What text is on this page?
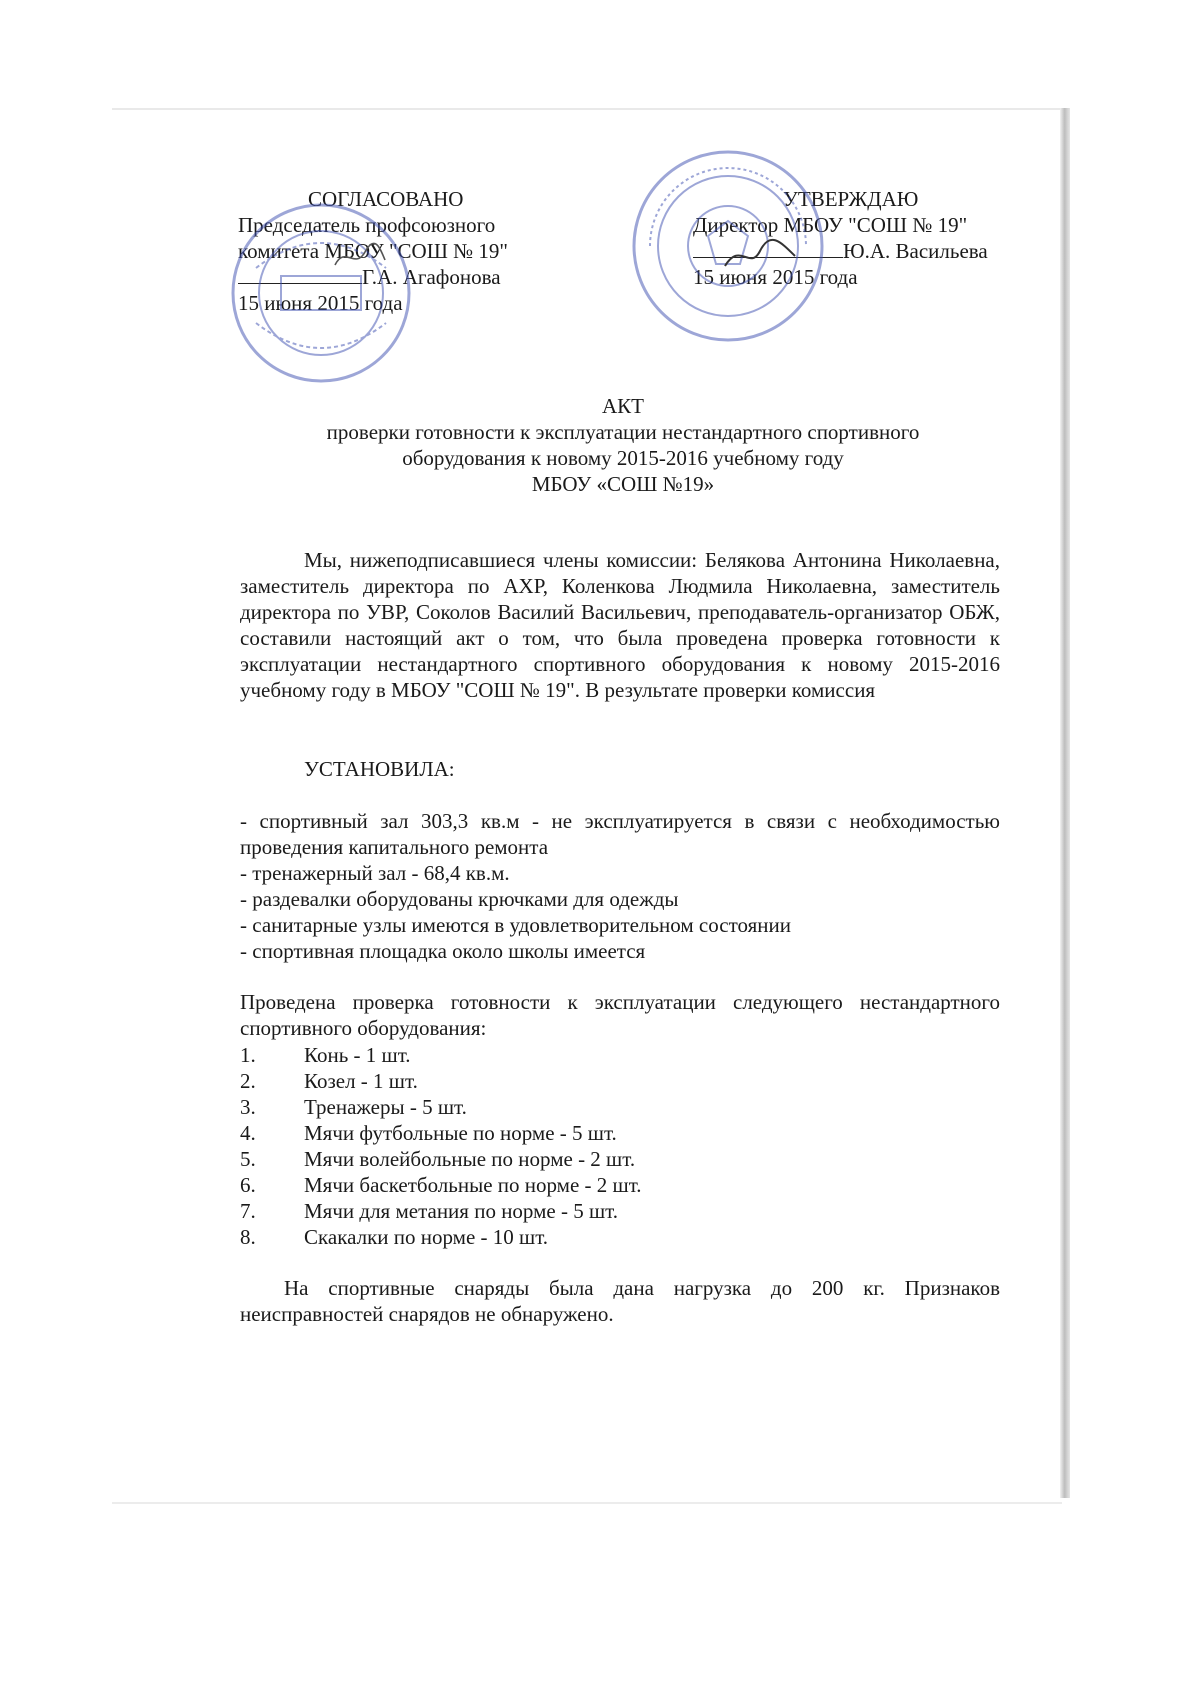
СОГЛАСОВАНО
Председатель профсоюзного
комитета МБОУ "СОШ № 19"
Г.А. Агафонова
15 июня 2015 года
УТВЕРЖДАЮ
Директор МБОУ "СОШ № 19"
Ю.А. Васильева
15 июня 2015 года
АКТ
проверки готовности к эксплуатации нестандартного спортивного
оборудования к новому 2015-2016 учебному году
МБОУ «СОШ №19»
Мы, нижеподписавшиеся члены комиссии: Белякова Антонина Николаевна, заместитель директора по АХР, Коленкова Людмила Николаевна, заместитель директора по УВР, Соколов Василий Васильевич, преподаватель-организатор ОБЖ, составили настоящий акт о том, что была проведена проверка готовности к эксплуатации нестандартного спортивного оборудования к новому 2015-2016 учебному году в МБОУ "СОШ № 19". В результате проверки комиссия
УСТАНОВИЛА:
- спортивный зал 303,3 кв.м - не эксплуатируется в связи с необходимостью проведения капитального ремонта
- тренажерный зал - 68,4 кв.м.
- раздевалки оборудованы крючками для одежды
- санитарные узлы имеются в удовлетворительном состоянии
- спортивная площадка около школы имеется
Проведена проверка готовности к эксплуатации следующего нестандартного спортивного оборудования:
1. Конь - 1 шт.
2. Козел - 1 шт.
3. Тренажеры - 5 шт.
4. Мячи футбольные по норме - 5 шт.
5. Мячи волейбольные по норме - 2 шт.
6. Мячи баскетбольные по норме - 2 шт.
7. Мячи для метания по норме - 5 шт.
8. Скакалки по норме - 10 шт.
На спортивные снаряды была дана нагрузка до 200 кг. Признаков неисправностей снарядов не обнаружено.
